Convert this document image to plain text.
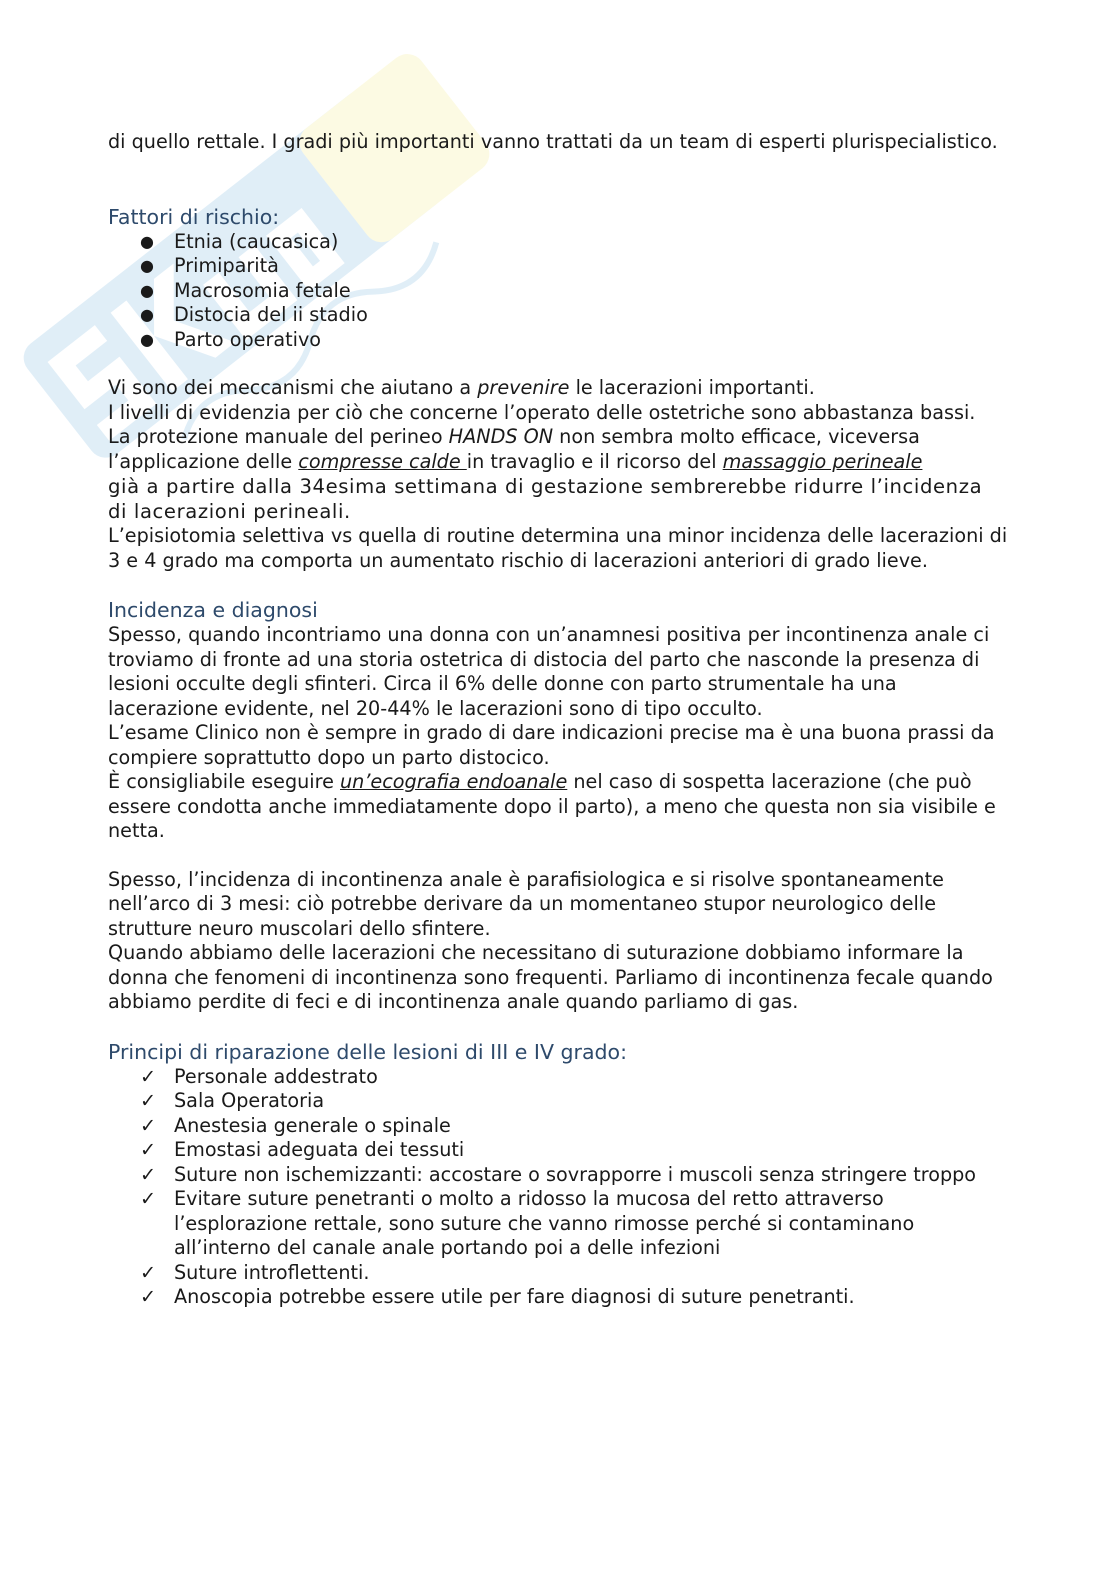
di quello rettale. I gradi più importanti vanno trattati da un team di esperti plurispecialistico.

Fattori di rischio:
● Etnia (caucasica)
● Primiparità
● Macrosomia fetale
● Distocia del ii stadio
● Parto operativo

Vi sono dei meccanismi che aiutano a prevenire le lacerazioni importanti.

I livelli di evidenzia per ciò che concerne l’operato delle ostetriche sono abbastanza bassi.

La protezione manuale del perineo HANDS ON non sembra molto efficace, viceversa l’applicazione delle compresse calde in travaglio e il ricorso del massaggio perineale

già a partire dalla 34esima settimana di gestazione sembrerebbe ridurre l’incidenza di lacerazioni perineali.

L’episiotomia selettiva vs quella di routine determina una minor incidenza delle lacerazioni di 3 e 4 grado ma comporta un aumentato rischio di lacerazioni anteriori di grado lieve.

Incidenza e diagnosi

Spesso, quando incontriamo una donna con un’anamnesi positiva per incontinenza anale ci troviamo di fronte ad una storia ostetrica di distocia del parto che nasconde la presenza di lesioni occulte degli sfinteri. Circa il 6% delle donne con parto strumentale ha una lacerazione evidente, nel 20-44% le lacerazioni sono di tipo occulto.

L’esame Clinico non è sempre in grado di dare indicazioni precise ma è una buona prassi da compiere soprattutto dopo un parto distocico.

È consigliabile eseguire un’ecografia endoanale nel caso di sospetta lacerazione (che può essere condotta anche immediatamente dopo il parto), a meno che questa non sia visibile e netta.

Spesso, l’incidenza di incontinenza anale è parafisiologica e si risolve spontaneamente nell’arco di 3 mesi: ciò potrebbe derivare da un momentaneo stupor neurologico delle strutture neuro muscolari dello sfintere.

Quando abbiamo delle lacerazioni che necessitano di suturazione dobbiamo informare la donna che fenomeni di incontinenza sono frequenti. Parliamo di incontinenza fecale quando abbiamo perdite di feci e di incontinenza anale quando parliamo di gas.

Principi di riparazione delle lesioni di III e IV grado:
✓ Personale addestrato
✓ Sala Operatoria
✓ Anestesia generale o spinale
✓ Emostasi adeguata dei tessuti
✓ Suture non ischemizzanti: accostare o sovrapporre i muscoli senza stringere troppo
✓ Evitare suture penetranti o molto a ridosso la mucosa del retto attraverso l’esplorazione rettale, sono suture che vanno rimosse perché si contaminano all’interno del canale anale portando poi a delle infezioni
✓ Suture introflettenti.
✓ Anoscopia potrebbe essere utile per fare diagnosi di suture penetranti.
